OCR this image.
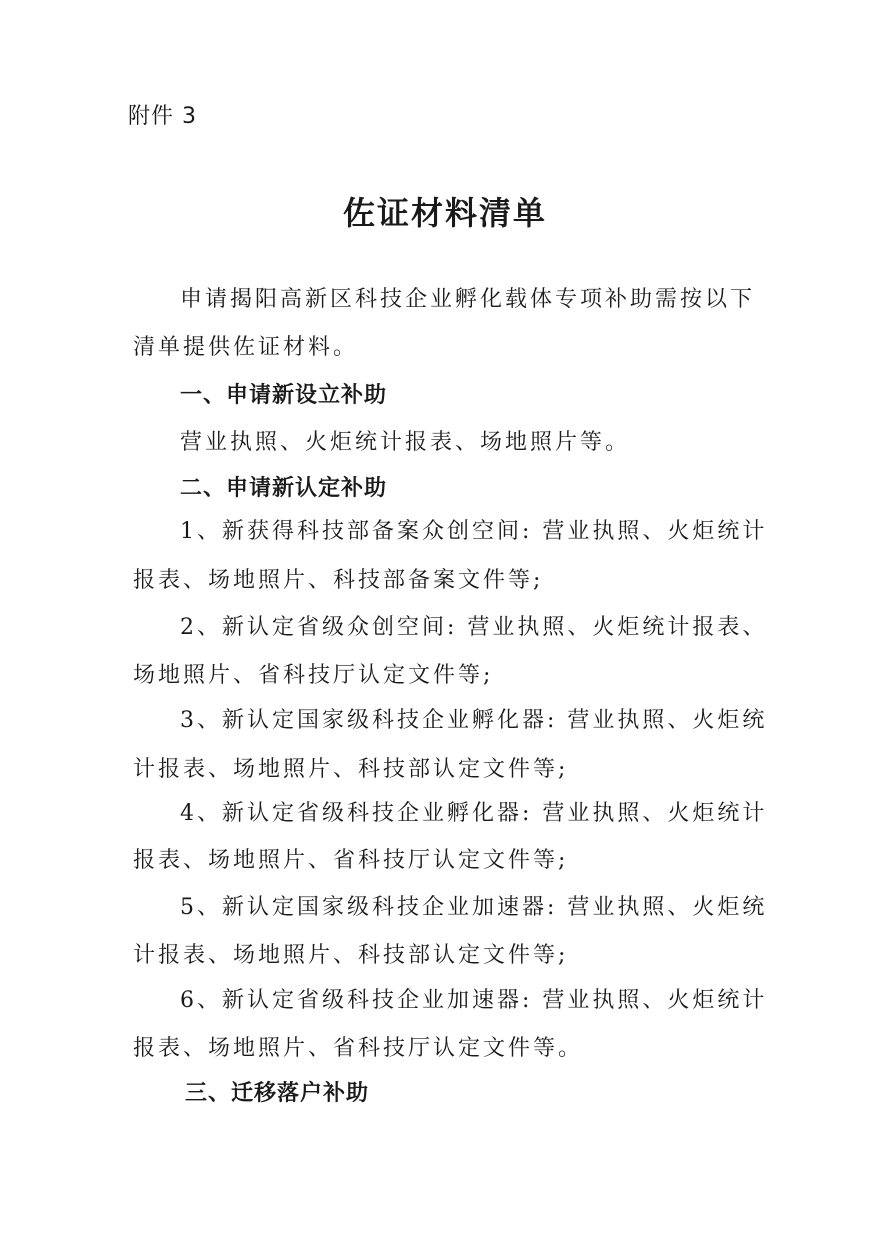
附件 3
佐证材料清单
申请揭阳高新区科技企业孵化载体专项补助需按以下
清单提供佐证材料。
一、申请新设立补助
营业执照、火炬统计报表、场地照片等。
二、申请新认定补助
1、新获得科技部备案众创空间: 营业执照、火炬统计
报表、场地照片、科技部备案文件等;
2、新认定省级众创空间: 营业执照、火炬统计报表、
场地照片、省科技厅认定文件等;
3、新认定国家级科技企业孵化器: 营业执照、火炬统
计报表、场地照片、科技部认定文件等;
4、新认定省级科技企业孵化器: 营业执照、火炬统计
报表、场地照片、省科技厅认定文件等;
5、新认定国家级科技企业加速器: 营业执照、火炬统
计报表、场地照片、科技部认定文件等;
6、新认定省级科技企业加速器: 营业执照、火炬统计
报表、场地照片、省科技厅认定文件等。
三、迁移落户补助
